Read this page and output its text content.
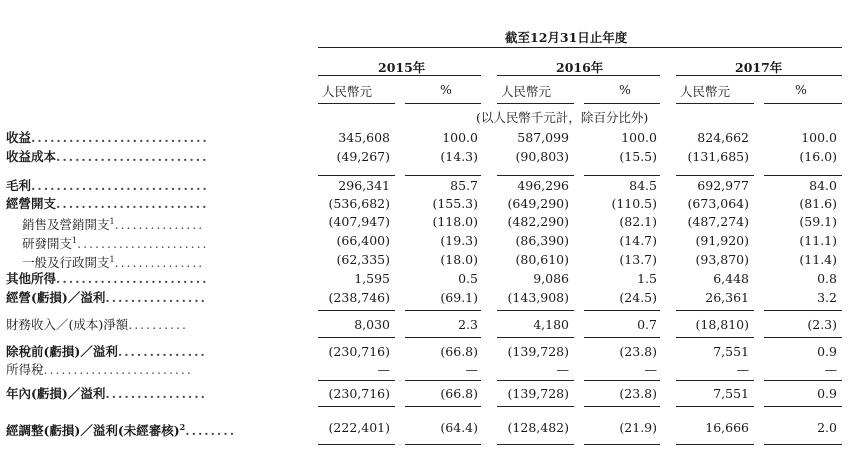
截至12月31日止年度
2015年	2016年	2017年
人民幣元	%	人民幣元	%	人民幣元	%
(以人民幣千元計，除百分比外)
收益............................	345,608	100.0	587,099	100.0	824,662	100.0
收益成本........................	(49,267)	(14.3)	(90,803)	(15.5)	(131,685)	(16.0)
毛利............................	296,341	85.7	496,296	84.5	692,977	84.0
經營開支........................	(536,682)	(155.3)	(649,290)	(110.5)	(673,064)	(81.6)
銷售及營銷開支$^1$...............	(407,947)	(118.0)	(482,290)	(82.1)	(487,274)	(59.1)
研發開支$^1$......................	(66,400)	(19.3)	(86,390)	(14.7)	(91,920)	(11.1)
一般及行政開支$^1$...............	(62,335)	(18.0)	(80,610)	(13.7)	(93,870)	(11.4)
其他所得........................	1,595	0.5	9,086	1.5	6,448	0.8
經營(虧損)／溢利................	(238,746)	(69.1)	(143,908)	(24.5)	26,361	3.2
財務收入／(成本)淨額..........	8,030	2.3	4,180	0.7	(18,810)	(2.3)
除稅前(虧損)／溢利..............	(230,716)	(66.8)	(139,728)	(23.8)	7,551	0.9
所得稅.........................	—	—	—	—	—	—
年內(虧損)／溢利................	(230,716)	(66.8)	(139,728)	(23.8)	7,551	0.9
經調整(虧損)／溢利(未經審核)$^2$........	(222,401)	(64.4)	(128,482)	(21.9)	16,666	2.0
